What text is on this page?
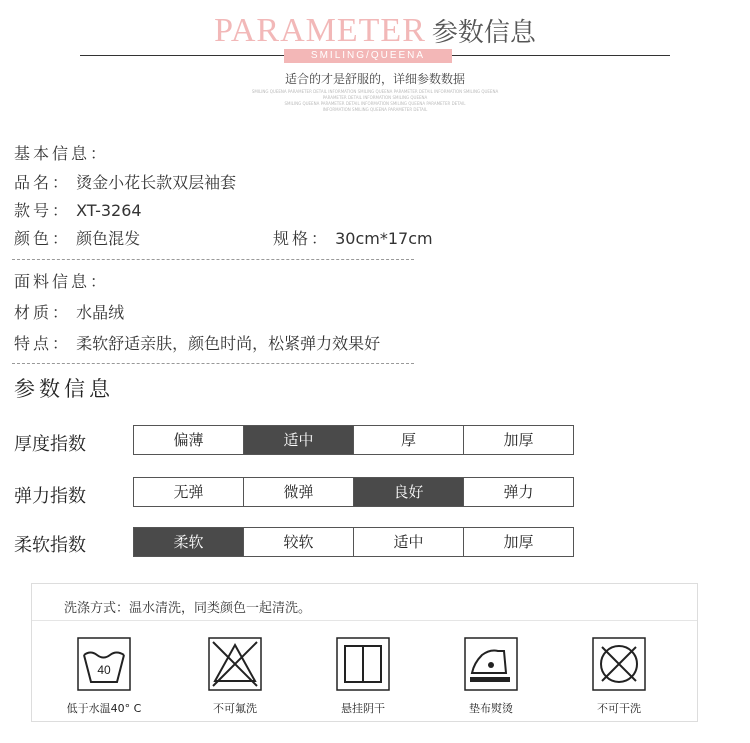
PARAMETER 参数信息
SMILING/QUEENA
适合的才是舒服的，详细参数数据
SMILING QUEENA PARAMETER DETAIL INFORMATION SMILING QUEENA PARAMETER DETAIL INFORMATION SMILING QUEENA
PARAMETER DETAIL INFORMATION SMILING QUEENA
SMILING QUEENA PARAMETER DETAIL INFORMATION SMILING QUEENA PARAMETER DETAIL
INFORMATION SMILING QUEENA PARAMETER DETAIL
基本信息：
品名： 烫金小花长款双层袖套
款号： XT-3264
颜色： 颜色混发	规格： 30cm*17cm
面料信息：
材质： 水晶绒
特点： 柔软舒适亲肤，颜色时尚，松紧弹力效果好
参数信息
厚度指数	偏薄	适中	厚	加厚
弹力指数	无弹	微弹	良好	弹力
柔软指数	柔软	较软	适中	加厚
洗涤方式：温水清洗，同类颜色一起清洗。
40
低于水温40° C	不可氟洗	悬挂阴干	垫布熨烫	不可干洗
